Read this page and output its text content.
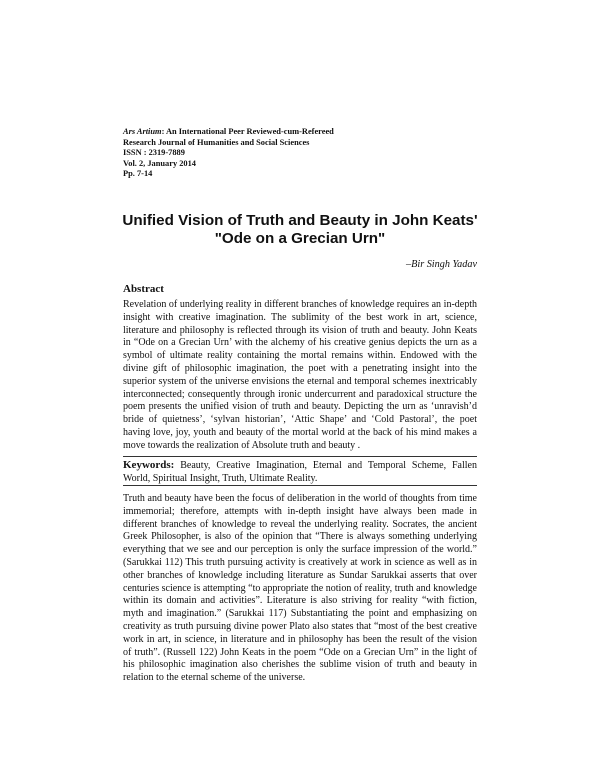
Ars Artium: An International Peer Reviewed-cum-Refereed
Research Journal of Humanities and Social Sciences
ISSN : 2319-7889
Vol. 2, January 2014
Pp. 7-14
Unified Vision of Truth and Beauty in John Keats'
"Ode on a Grecian Urn"
–Bir Singh Yadav
Abstract

Revelation of underlying reality in different branches of knowledge requires an in-depth insight with creative imagination. The sublimity of the best work in art, science, literature and philosophy is reflected through its vision of truth and beauty. John Keats in “Ode on a Grecian Urn’ with the alchemy of his creative genius depicts the urn as a symbol of ultimate reality containing the mortal remains within. Endowed with the divine gift of philosophic imagination, the poet with a penetrating insight into the superior system of the universe envisions the eternal and temporal schemes inextricably interconnected; consequently through ironic undercurrent and paradoxical structure the poem presents the unified vision of truth and beauty. Depicting the urn as ‘unravish’d bride of quietness’, ‘sylvan historian’, ‘Attic Shape’ and ‘Cold Pastoral’, the poet having love, joy, youth and beauty of the mortal world at the back of his mind makes a move towards the realization of Absolute truth and beauty .

Keywords: Beauty, Creative Imagination, Eternal and Temporal Scheme, Fallen World, Spiritual Insight, Truth, Ultimate Reality.

Truth and beauty have been the focus of deliberation in the world of thoughts from time immemorial; therefore, attempts with in-depth insight have always been made in different branches of knowledge to reveal the underlying reality. Socrates, the ancient Greek Philosopher, is also of the opinion that “There is always something underlying everything that we see and our perception is only the surface impression of the world.” (Sarukkai 112) This truth pursuing activity is creatively at work in science as well as in other branches of knowledge including literature as Sundar Sarukkai asserts that over centuries science is attempting “to appropriate the notion of reality, truth and knowledge within its domain and activities”. Literature is also striving for reality “with fiction, myth and imagination.” (Sarukkai 117) Substantiating the point and emphasizing on creativity as truth pursuing divine power Plato also states that “most of the best creative work in art, in science, in literature and in philosophy has been the result of the vision of truth”. (Russell 122) John Keats in the poem “Ode on a Grecian Urn” in the light of his philosophic imagination also cherishes the sublime vision of truth and beauty in relation to the eternal scheme of the universe.
